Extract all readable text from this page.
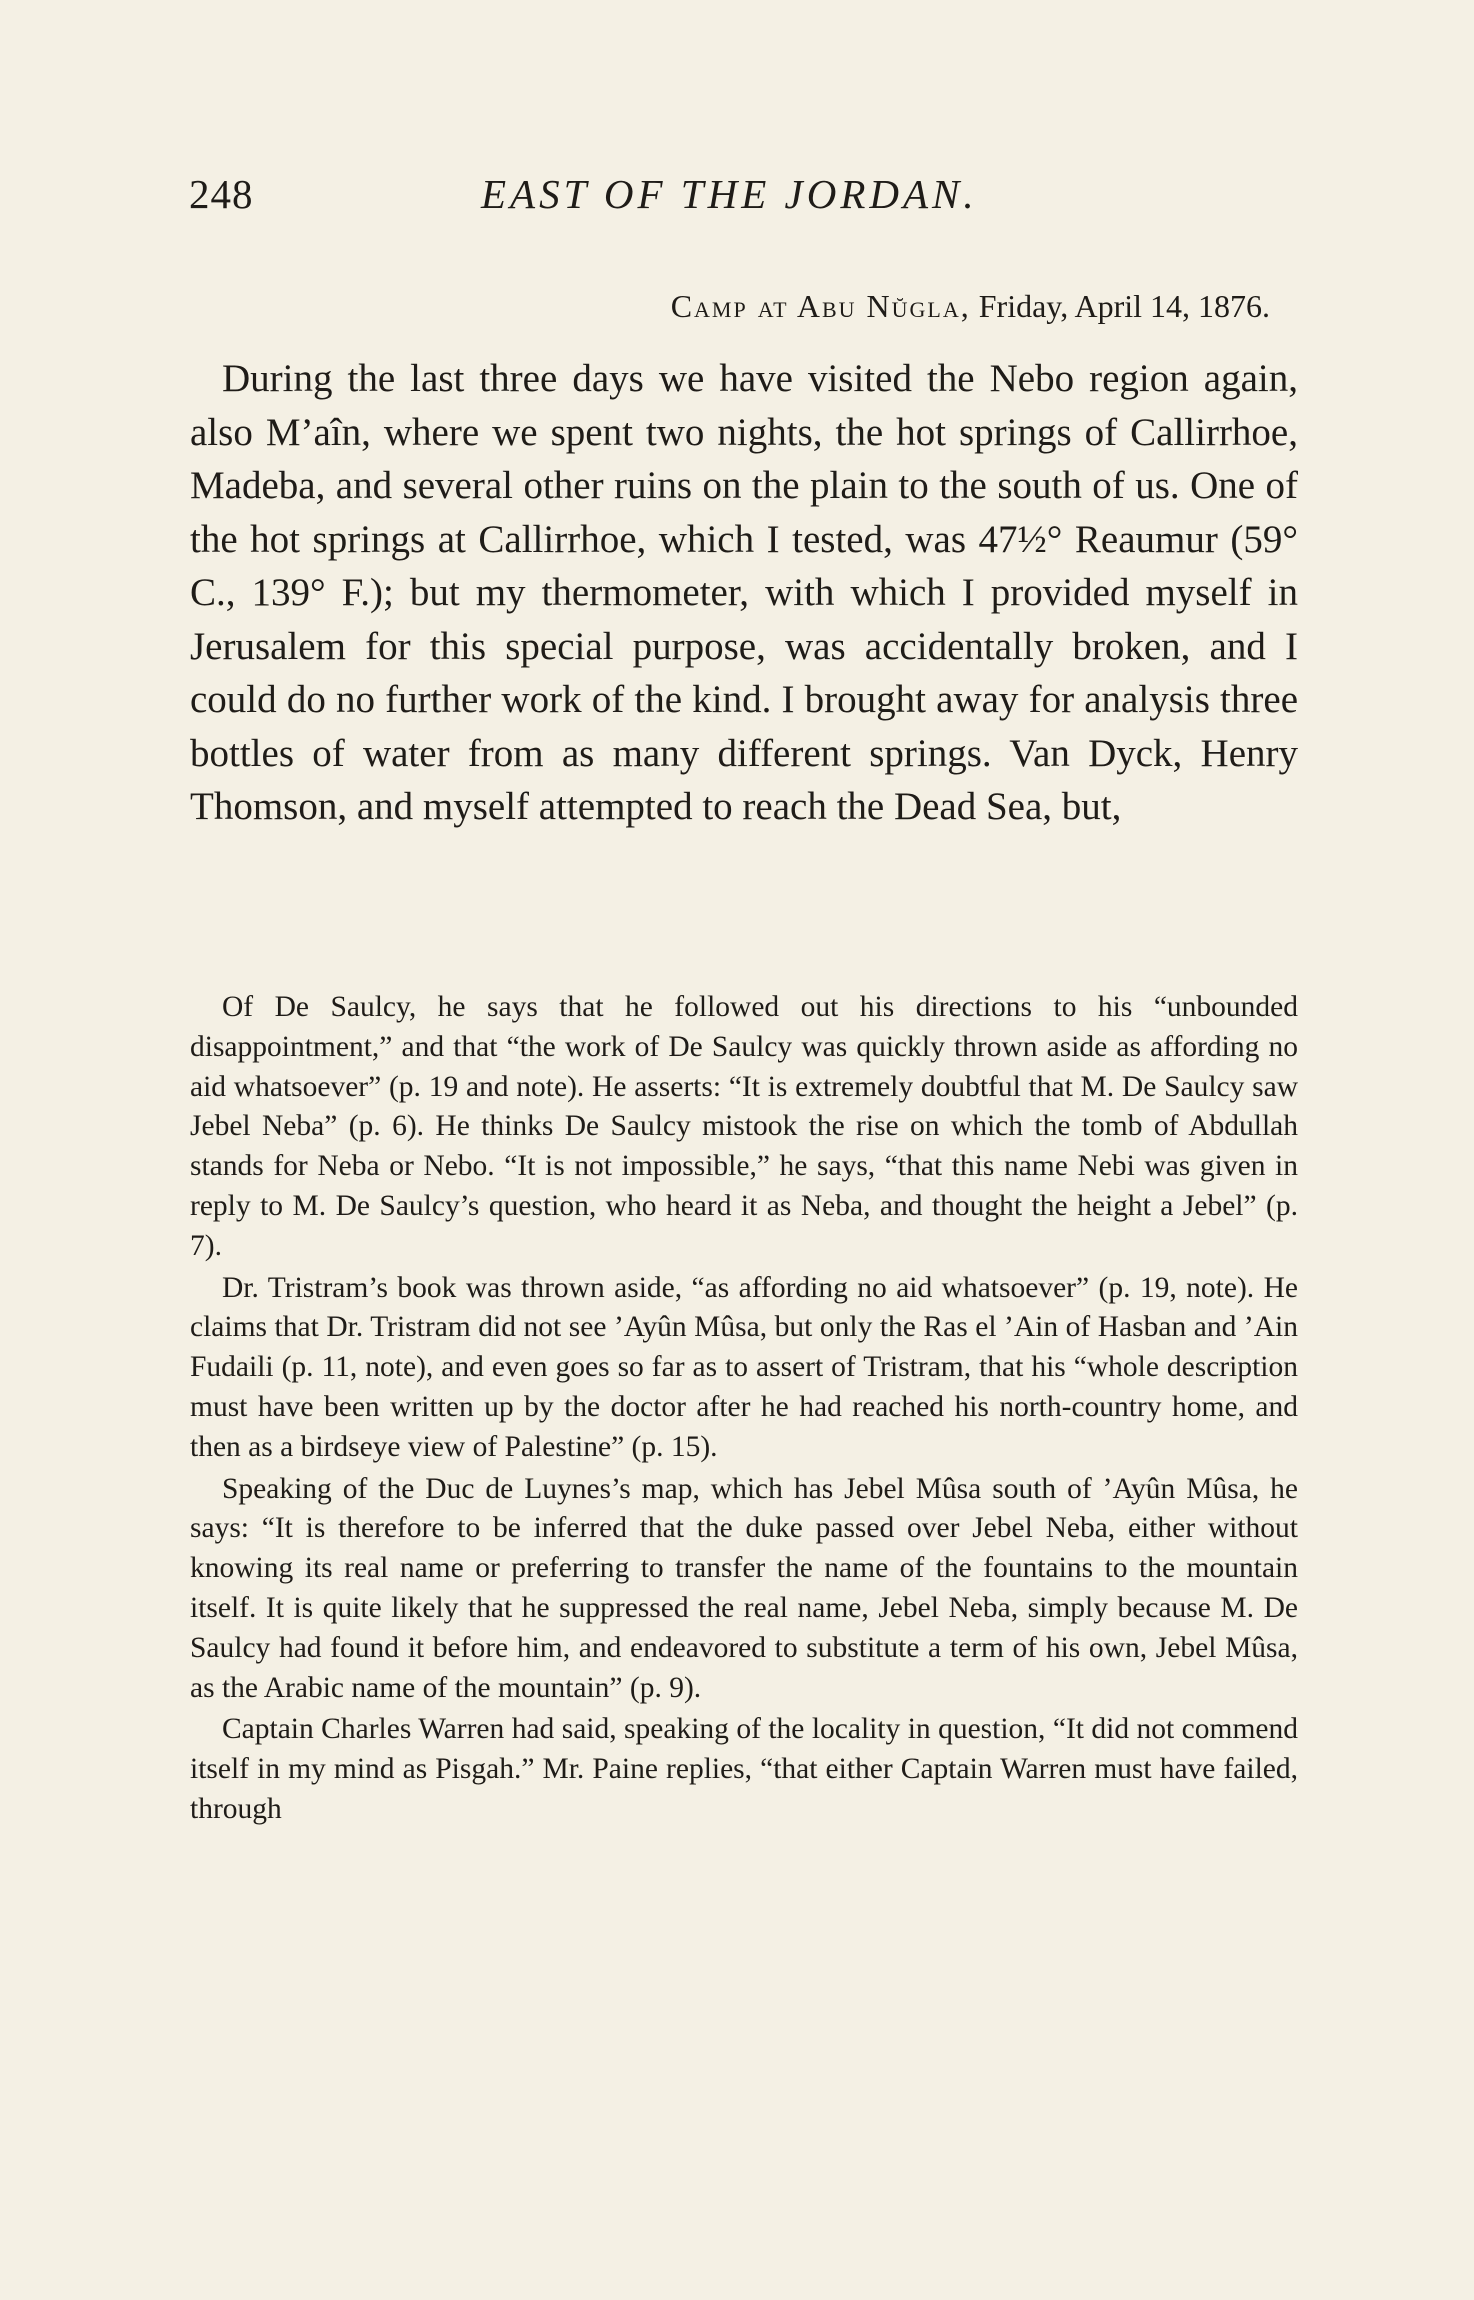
248	EAST OF THE JORDAN.
Camp at Abu Nŭgla, Friday, April 14, 1876.

During the last three days we have visited the Nebo region again, also M’aîn, where we spent two nights, the hot springs of Callirrhoe, Madeba, and several other ruins on the plain to the south of us. One of the hot springs at Callirrhoe, which I tested, was 47½° Reaumur (59° C., 139° F.); but my thermometer, with which I provided myself in Jerusalem for this special purpose, was accidentally broken, and I could do no further work of the kind. I brought away for analysis three bottles of water from as many different springs. Van Dyck, Henry Thomson, and myself attempted to reach the Dead Sea, but,

Of De Saulcy, he says that he followed out his directions to his “unbounded disappointment,” and that “the work of De Saulcy was quickly thrown aside as affording no aid whatsoever” (p. 19 and note). He asserts: “It is extremely doubtful that M. De Saulcy saw Jebel Neba” (p. 6). He thinks De Saulcy mistook the rise on which the tomb of Abdullah stands for Neba or Nebo. “It is not impossible,” he says, “that this name Nebi was given in reply to M. De Saulcy’s question, who heard it as Neba, and thought the height a Jebel” (p. 7).

Dr. Tristram’s book was thrown aside, “as affording no aid whatsoever” (p. 19, note). He claims that Dr. Tristram did not see ’Ayûn Mûsa, but only the Ras el ’Ain of Hasban and ’Ain Fudaili (p. 11, note), and even goes so far as to assert of Tristram, that his “whole description must have been written up by the doctor after he had reached his north-country home, and then as a birdseye view of Palestine” (p. 15).

Speaking of the Duc de Luynes’s map, which has Jebel Mûsa south of ’Ayûn Mûsa, he says: “It is therefore to be inferred that the duke passed over Jebel Neba, either without knowing its real name or preferring to transfer the name of the fountains to the mountain itself. It is quite likely that he suppressed the real name, Jebel Neba, simply because M. De Saulcy had found it before him, and endeavored to substitute a term of his own, Jebel Mûsa, as the Arabic name of the mountain” (p. 9).

Captain Charles Warren had said, speaking of the locality in question, “It did not commend itself in my mind as Pisgah.” Mr. Paine replies, “that either Captain Warren must have failed, through
